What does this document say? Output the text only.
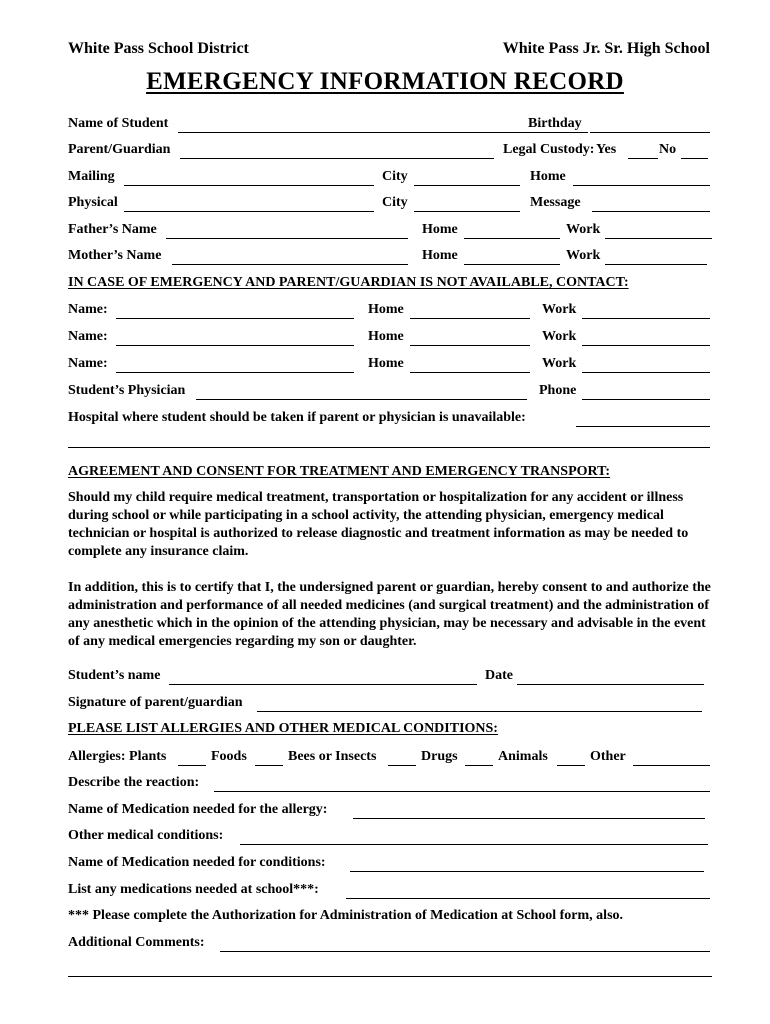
White Pass School District	White Pass Jr. Sr. High School
EMERGENCY INFORMATION RECORD
Name of Student	Birthday
Parent/Guardian	Legal Custody: Yes	No
Mailing	City	Home
Physical	City	Message
Father’s Name	Home	Work
Mother’s Name	Home	Work
IN CASE OF EMERGENCY AND PARENT/GUARDIAN IS NOT AVAILABLE, CONTACT:
Name:	Home	Work
Name:	Home	Work
Name:	Home	Work
Student’s Physician	Phone
Hospital where student should be taken if parent or physician is unavailable:
AGREEMENT AND CONSENT FOR TREATMENT AND EMERGENCY TRANSPORT:
Should my child require medical treatment, transportation or hospitalization for any accident or illness during school or while participating in a school activity, the attending physician, emergency medical technician or hospital is authorized to release diagnostic and treatment information as may be needed to complete any insurance claim.
In addition, this is to certify that I, the undersigned parent or guardian, hereby consent to and authorize the administration and performance of all needed medicines (and surgical treatment) and the administration of any anesthetic which in the opinion of the attending physician, may be necessary and advisable in the event of any medical emergencies regarding my son or daughter.
Student’s name	Date
Signature of parent/guardian
PLEASE LIST ALLERGIES AND OTHER MEDICAL CONDITIONS:
Allergies: Plants	Foods	Bees or Insects	Drugs	Animals	Other
Describe the reaction:
Name of Medication needed for the allergy:
Other medical conditions:
Name of Medication needed for conditions:
List any medications needed at school***:
*** Please complete the Authorization for Administration of Medication at School form, also.
Additional Comments:
